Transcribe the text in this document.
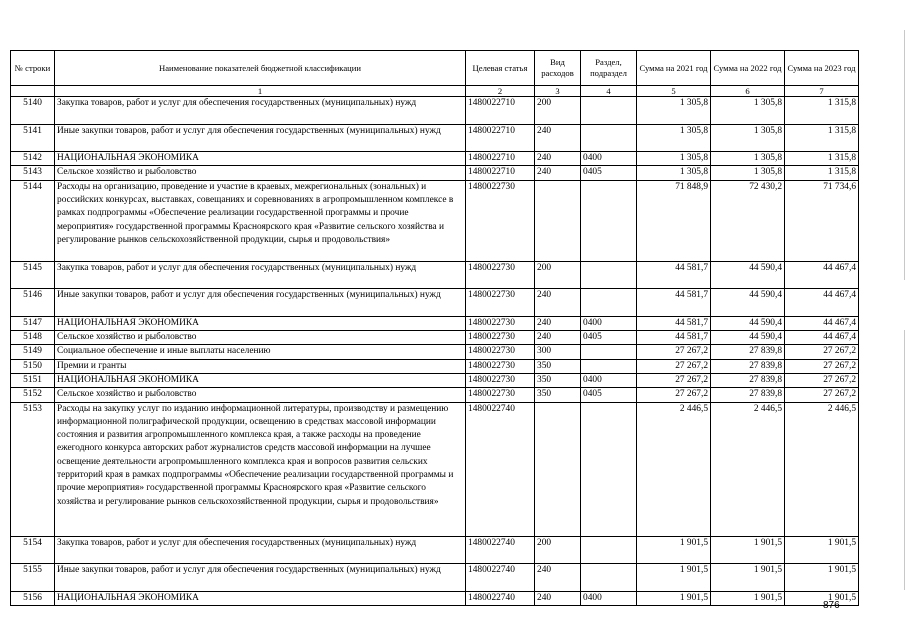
№ строки	Наименование показателей бюджетной классификации	Целевая статья	Вид расходов	Раздел, подраздел	Сумма на 2021 год	Сумма на 2022 год	Сумма на 2023 год
	1	2	3	4	5	6	7
5140	Закупка товаров, работ и услуг для обеспечения государственных (муниципальных) нужд	1480022710	200		1 305,8	1 305,8	1 315,8
5141	Иные закупки товаров, работ и услуг для обеспечения государственных (муниципальных) нужд	1480022710	240		1 305,8	1 305,8	1 315,8
5142	НАЦИОНАЛЬНАЯ ЭКОНОМИКА	1480022710	240	0400	1 305,8	1 305,8	1 315,8
5143	Сельское хозяйство и рыболовство	1480022710	240	0405	1 305,8	1 305,8	1 315,8
5144	Расходы на организацию, проведение и участие в краевых, межрегиональных (зональных) и российских конкурсах, выставках, совещаниях и соревнованиях в агропромышленном комплексе в рамках подпрограммы «Обеспечение реализации государственной программы и прочие мероприятия» государственной программы Красноярского края «Развитие сельского хозяйства и регулирование рынков сельскохозяйственной продукции, сырья и продовольствия»	1480022730			71 848,9	72 430,2	71 734,6
5145	Закупка товаров, работ и услуг для обеспечения государственных (муниципальных) нужд	1480022730	200		44 581,7	44 590,4	44 467,4
5146	Иные закупки товаров, работ и услуг для обеспечения государственных (муниципальных) нужд	1480022730	240		44 581,7	44 590,4	44 467,4
5147	НАЦИОНАЛЬНАЯ ЭКОНОМИКА	1480022730	240	0400	44 581,7	44 590,4	44 467,4
5148	Сельское хозяйство и рыболовство	1480022730	240	0405	44 581,7	44 590,4	44 467,4
5149	Социальное обеспечение и иные выплаты населению	1480022730	300		27 267,2	27 839,8	27 267,2
5150	Премии и гранты	1480022730	350		27 267,2	27 839,8	27 267,2
5151	НАЦИОНАЛЬНАЯ ЭКОНОМИКА	1480022730	350	0400	27 267,2	27 839,8	27 267,2
5152	Сельское хозяйство и рыболовство	1480022730	350	0405	27 267,2	27 839,8	27 267,2
5153	Расходы на закупку услуг по изданию информационной литературы, производству и размещению информационной полиграфической продукции, освещению в средствах массовой информации состояния и развития агропромышленного комплекса края, а также расходы на проведение ежегодного конкурса авторских работ журналистов средств массовой информации на лучшее освещение деятельности агропромышленного комплекса края и вопросов развития сельских территорий края в рамках подпрограммы «Обеспечение реализации государственной программы и прочие мероприятия» государственной программы Красноярского края «Развитие сельского хозяйства и регулирование рынков сельскохозяйственной продукции, сырья и продовольствия»	1480022740			2 446,5	2 446,5	2 446,5
5154	Закупка товаров, работ и услуг для обеспечения государственных (муниципальных) нужд	1480022740	200		1 901,5	1 901,5	1 901,5
5155	Иные закупки товаров, работ и услуг для обеспечения государственных (муниципальных) нужд	1480022740	240		1 901,5	1 901,5	1 901,5
5156	НАЦИОНАЛЬНАЯ ЭКОНОМИКА	1480022740	240	0400	1 901,5	1 901,5	1 901,5
876
